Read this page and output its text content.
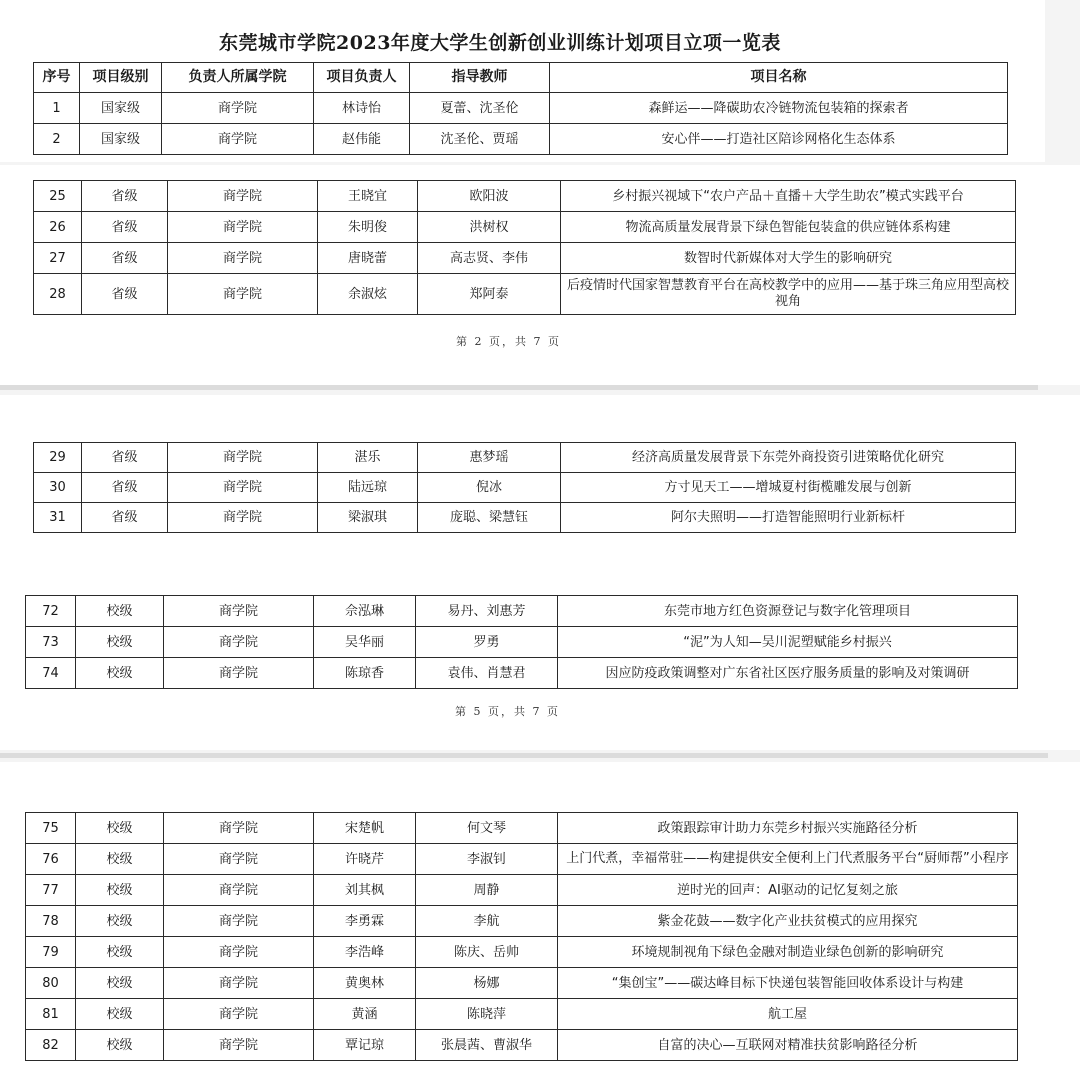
东莞城市学院2023年度大学生创新创业训练计划项目立项一览表
序号	项目级别	负责人所属学院	项目负责人	指导教师	项目名称
1	国家级	商学院	林诗怡	夏蕾、沈圣伦	森鲜运——降碳助农冷链物流包装箱的探索者
2	国家级	商学院	赵伟能	沈圣伦、贾瑶	安心伴——打造社区陪诊网格化生态体系
25	省级	商学院	王晓宜	欧阳波	乡村振兴视域下“农户产品＋直播＋大学生助农”模式实践平台
26	省级	商学院	朱明俊	洪树权	物流高质量发展背景下绿色智能包装盒的供应链体系构建
27	省级	商学院	唐晓蕾	高志贤、李伟	数智时代新媒体对大学生的影响研究
28	省级	商学院	余淑炫	郑阿泰	后疫情时代国家智慧教育平台在高校教学中的应用——基于珠三角应用型高校视角
第 2 页，共 7 页
29	省级	商学院	湛乐	惠梦瑶	经济高质量发展背景下东莞外商投资引进策略优化研究
30	省级	商学院	陆远琼	倪冰	方寸见天工——增城夏村街榄雕发展与创新
31	省级	商学院	梁淑琪	庞聪、梁慧钰	阿尔夫照明——打造智能照明行业新标杆
72	校级	商学院	佘泓琳	易丹、刘惠芳	东莞市地方红色资源登记与数字化管理项目
73	校级	商学院	吴华丽	罗勇	“泥”为人知—吴川泥塑赋能乡村振兴
74	校级	商学院	陈琼香	袁伟、肖慧君	因应防疫政策调整对广东省社区医疗服务质量的影响及对策调研
第 5 页，共 7 页
75	校级	商学院	宋楚帆	何文琴	政策跟踪审计助力东莞乡村振兴实施路径分析
76	校级	商学院	许晓芹	李淑钊	上门代煮，幸福常驻——构建提供安全便利上门代煮服务平台“厨师帮”小程序
77	校级	商学院	刘其枫	周静	逆时光的回声：AI驱动的记忆复刻之旅
78	校级	商学院	李勇霖	李航	紫金花鼓——数字化产业扶贫模式的应用探究
79	校级	商学院	李浩峰	陈庆、岳帅	环境规制视角下绿色金融对制造业绿色创新的影响研究
80	校级	商学院	黄奥林	杨娜	“集创宝”——碳达峰目标下快递包装智能回收体系设计与构建
81	校级	商学院	黄涵	陈晓萍	航工屋
82	校级	商学院	覃记琼	张晨茜、曹淑华	自富的决心—互联网对精准扶贫影响路径分析
